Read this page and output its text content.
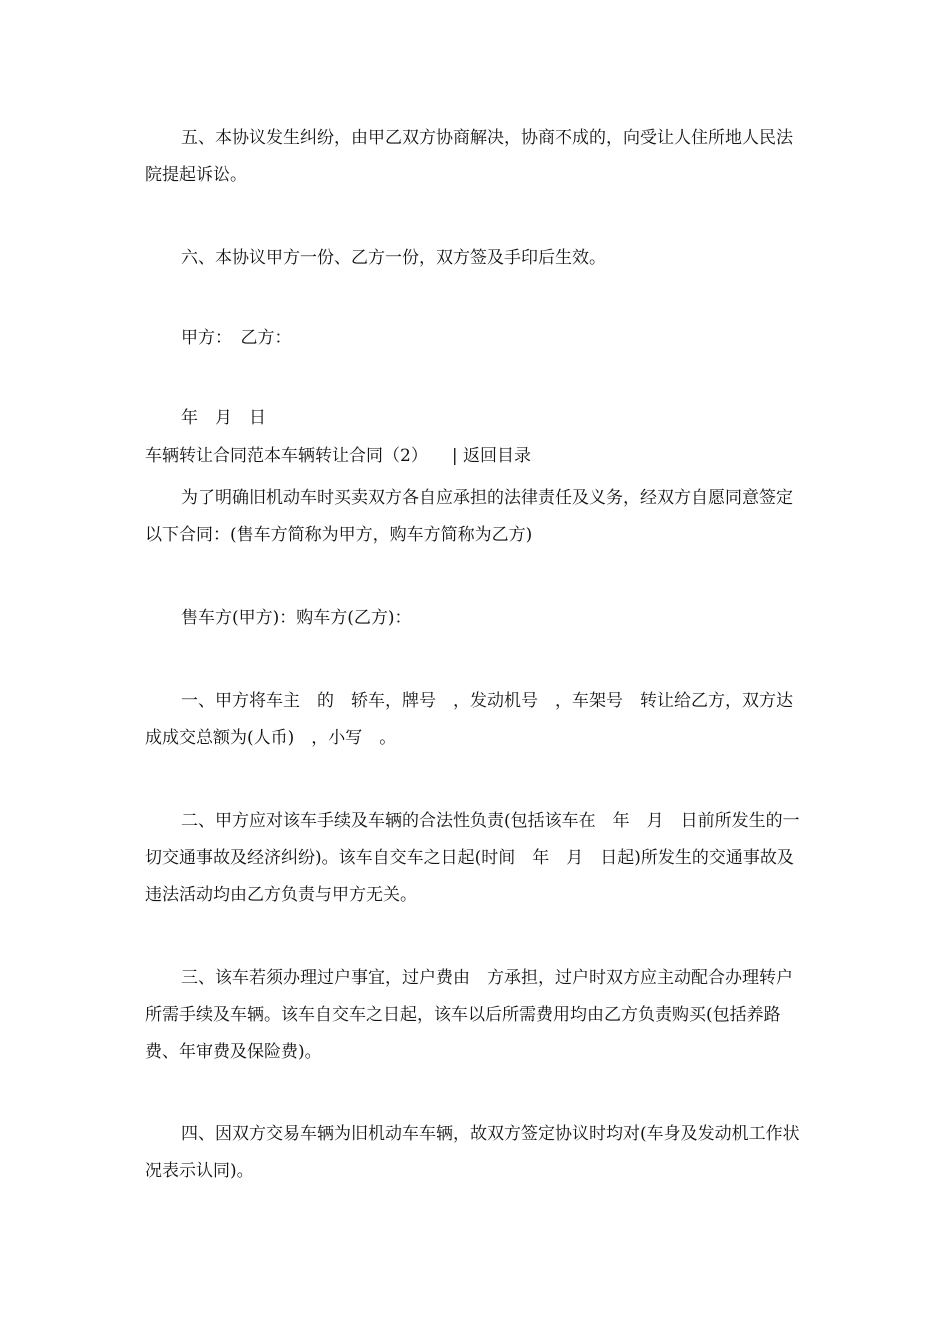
五、本协议发生纠纷，由甲乙双方协商解决，协商不成的，向受让人住所地人民法院提起诉讼。

六、本协议甲方一份、乙方一份，双方签及手印后生效。

甲方：　乙方：

年　月　日

车辆转让合同范本车辆转让合同（2） | 返回目录

为了明确旧机动车时买卖双方各自应承担的法律责任及义务，经双方自愿同意签定以下合同：(售车方简称为甲方，购车方简称为乙方)

售车方(甲方)：购车方(乙方)：

一、甲方将车主　的　轿车，牌号　，发动机号　，车架号　转让给乙方，双方达成成交总额为(人币)　，小写　。

二、甲方应对该车手续及车辆的合法性负责(包括该车在　年　月　日前所发生的一切交通事故及经济纠纷)。该车自交车之日起(时间　年　月　日起)所发生的交通事故及违法活动均由乙方负责与甲方无关。

三、该车若须办理过户事宜，过户费由　方承担，过户时双方应主动配合办理转户所需手续及车辆。该车自交车之日起，该车以后所需费用均由乙方负责购买(包括养路费、年审费及保险费)。

四、因双方交易车辆为旧机动车车辆，故双方签定协议时均对(车身及发动机工作状况表示认同)。
